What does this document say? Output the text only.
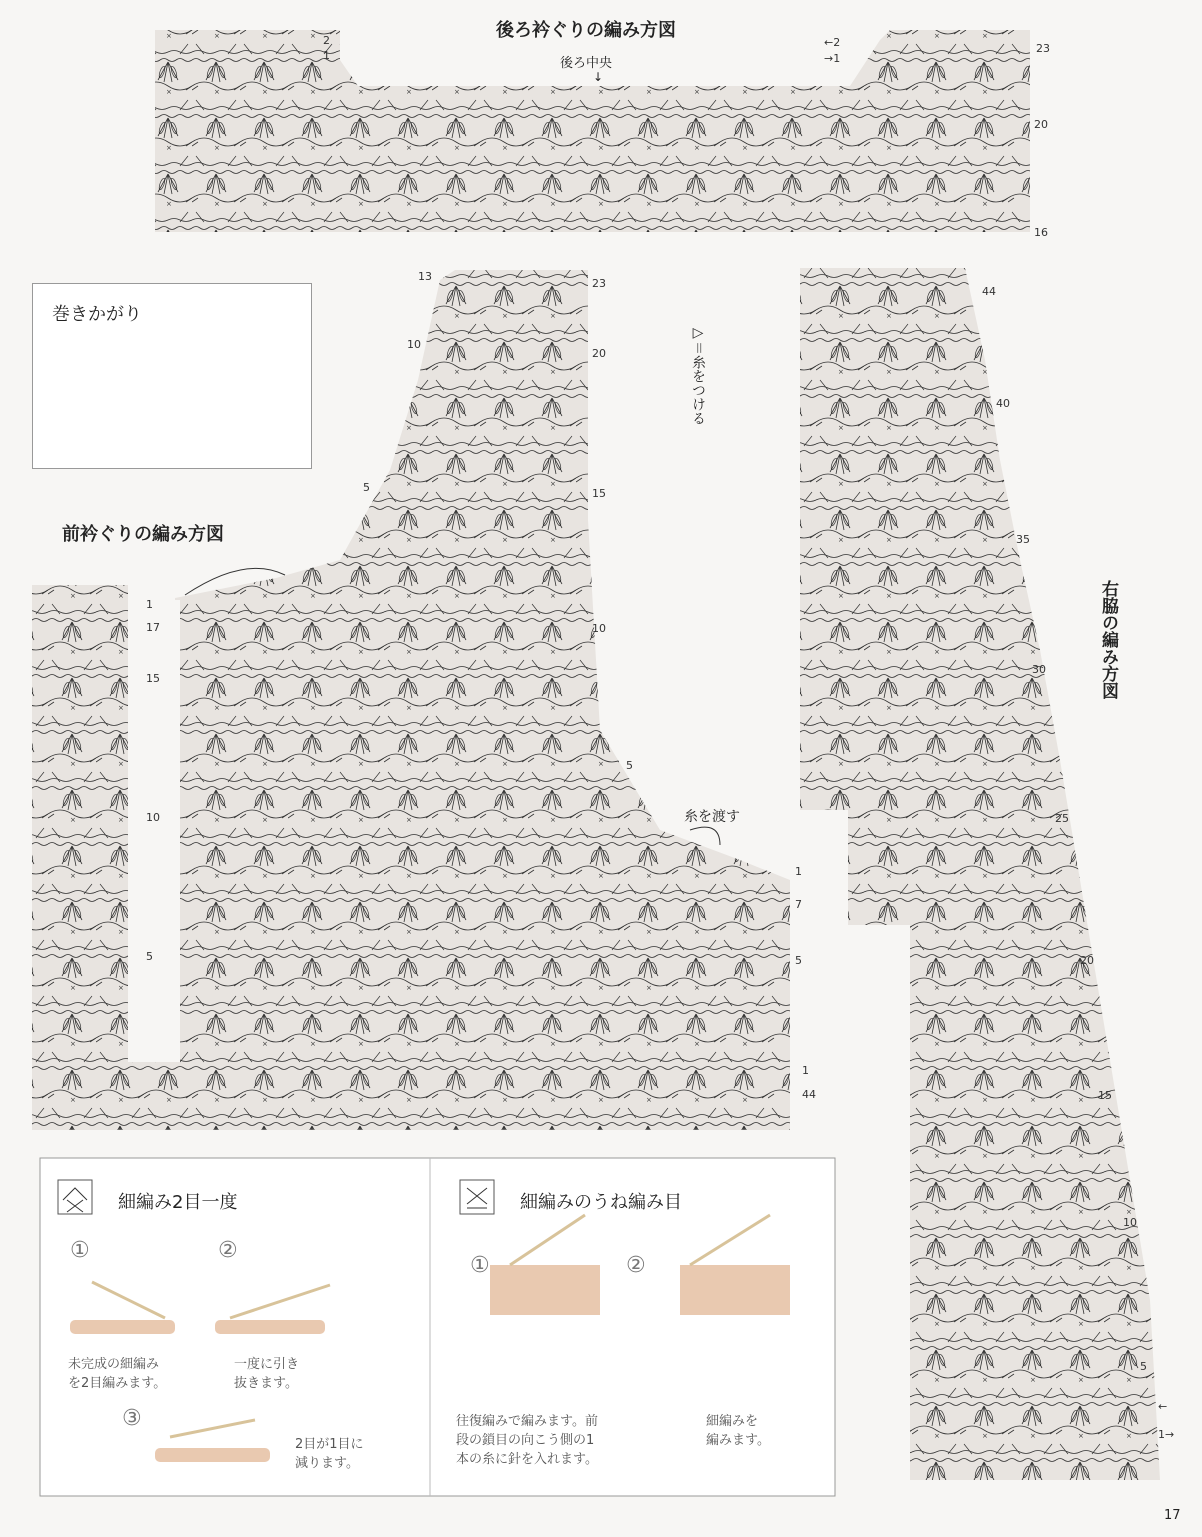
後ろ衿ぐりの編み方図
後ろ中央
↓
2
1
←2
→1
23
20
16
巻きかがり
前衿ぐりの編み方図
13
23
20
15
10
5
10
5
▷＝糸をつける
糸を渡す
1
17
15
10
5
1
7
5
1
44
右脇の編み方図
44
40
35
30
25
20
15
10
5
←
1→
細編み2目一度
①	②
③
未完成の細編み
を2目編みます。
一度に引き
抜きます。
2目が1目に
減ります。
細編みのうね編み目
①	②
往復編みで編みます。前
段の鎖目の向こう側の1
本の糸に針を入れます。
細編みを
編みます。
17
